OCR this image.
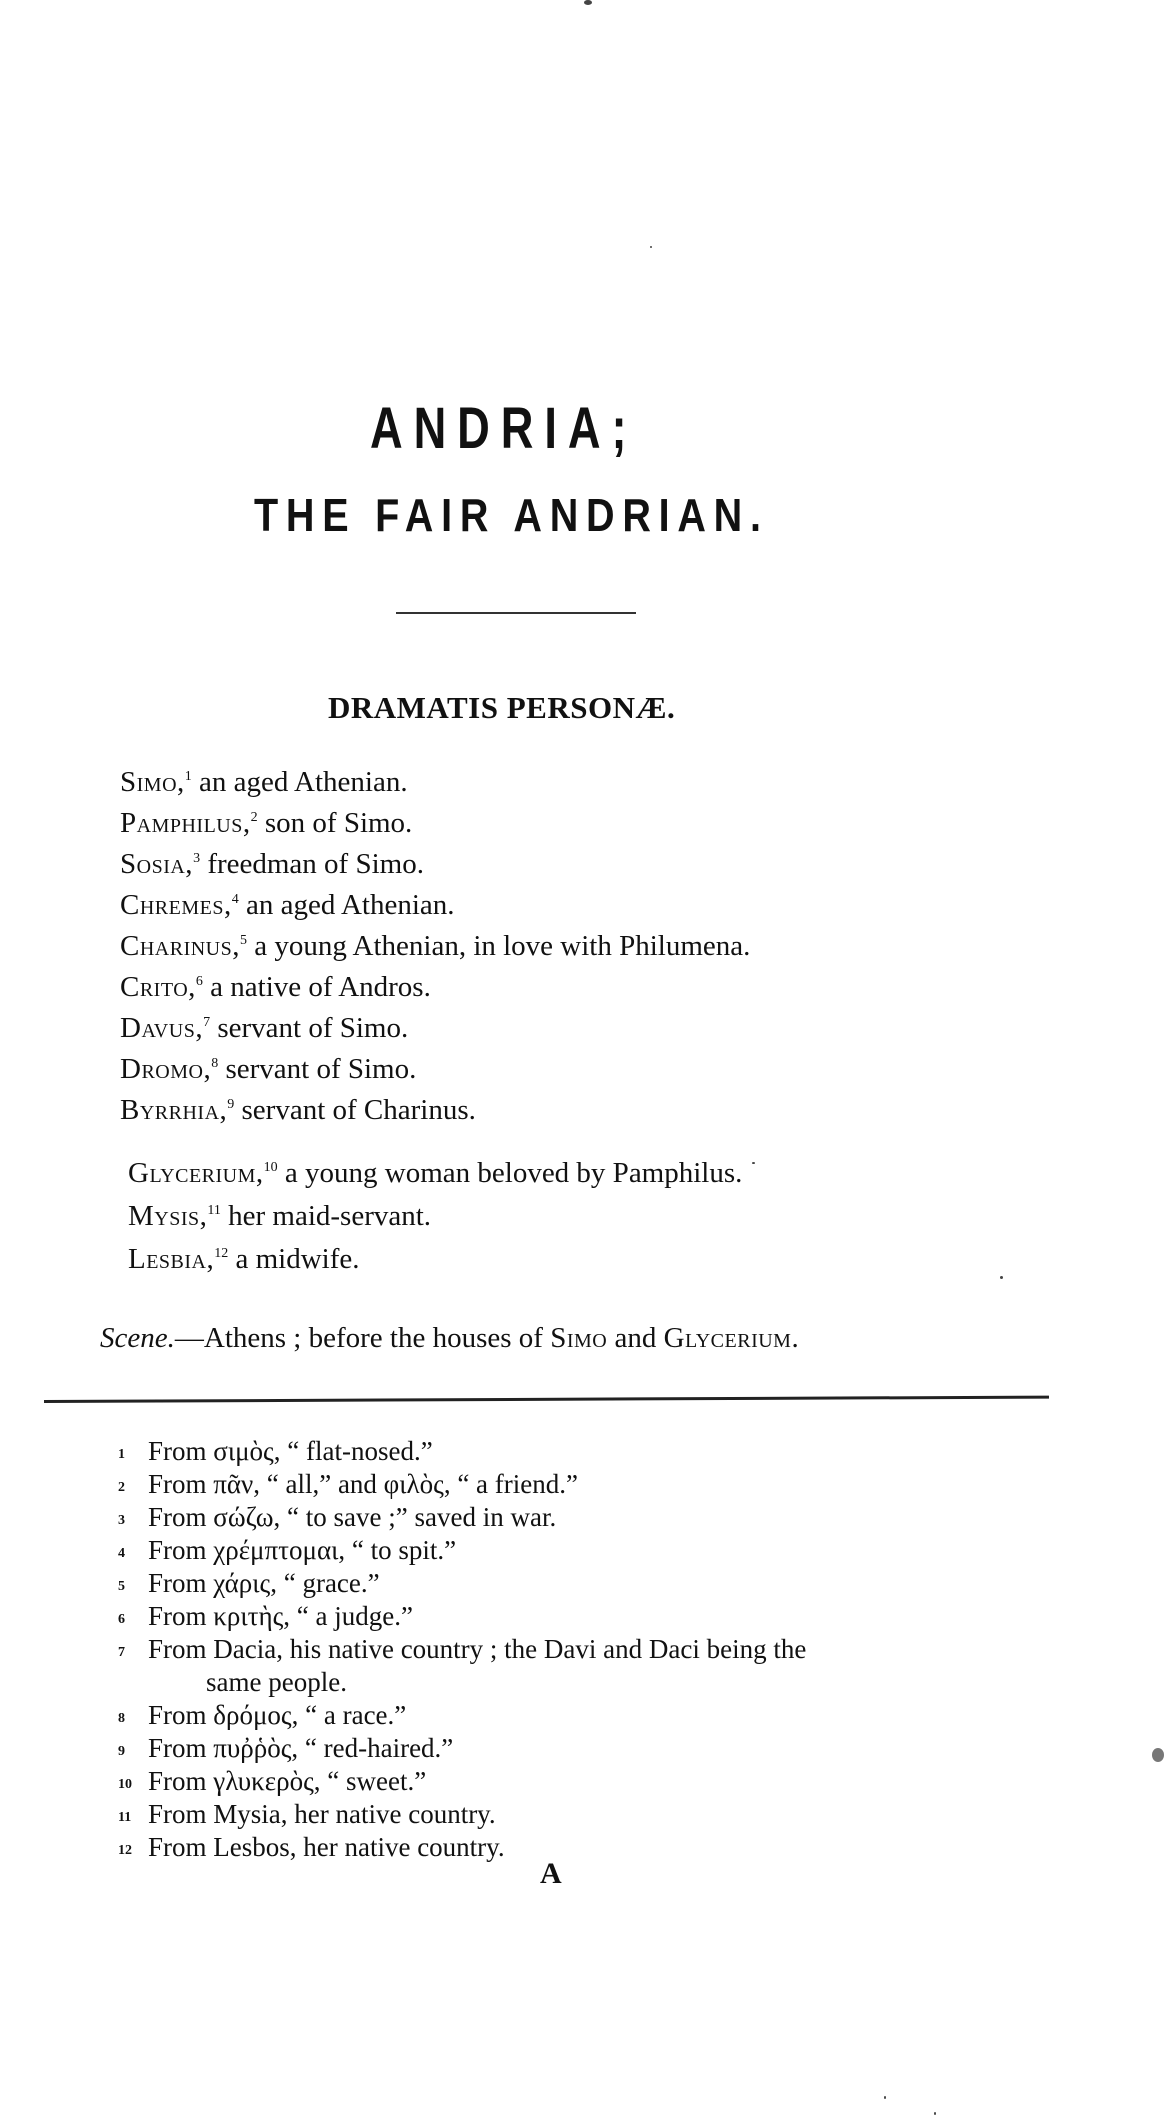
ANDRIA;
THE FAIR ANDRIAN.
DRAMATIS PERSONÆ.
Simo,$^1$ an aged Athenian.
Pamphilus,$^2$ son of Simo.
Sosia,$^3$ freedman of Simo.
Chremes,$^4$ an aged Athenian.
Charinus,$^5$ a young Athenian, in love with Philumena.
Crito,$^6$ a native of Andros.
Davus,$^7$ servant of Simo.
Dromo,$^8$ servant of Simo.
Byrrhia,$^9$ servant of Charinus.
Glycerium,$^{10}$ a young woman beloved by Pamphilus.
Mysis,$^{11}$ her maid-servant.
Lesbia,$^{12}$ a midwife.
Scene.—Athens ; before the houses of Simo and Glycerium.
1 From σιμὸς, “ flat-nosed.”
2 From πᾶν, “ all,” and φιλὸς, “ a friend.”
3 From σώζω, “ to save ;” saved in war.
4 From χρέμπτομαι, “ to spit.”
5 From χάρις, “ grace.”
6 From κριτὴς, “ a judge.”
7 From Dacia, his native country ; the Davi and Daci being the
same people.
8 From δρόμος, “ a race.”
9 From πυῤῥὸς, “ red-haired.”
10 From γλυκερὸς, “ sweet.”
11 From Mysia, her native country.
12 From Lesbos, her native country.
A
